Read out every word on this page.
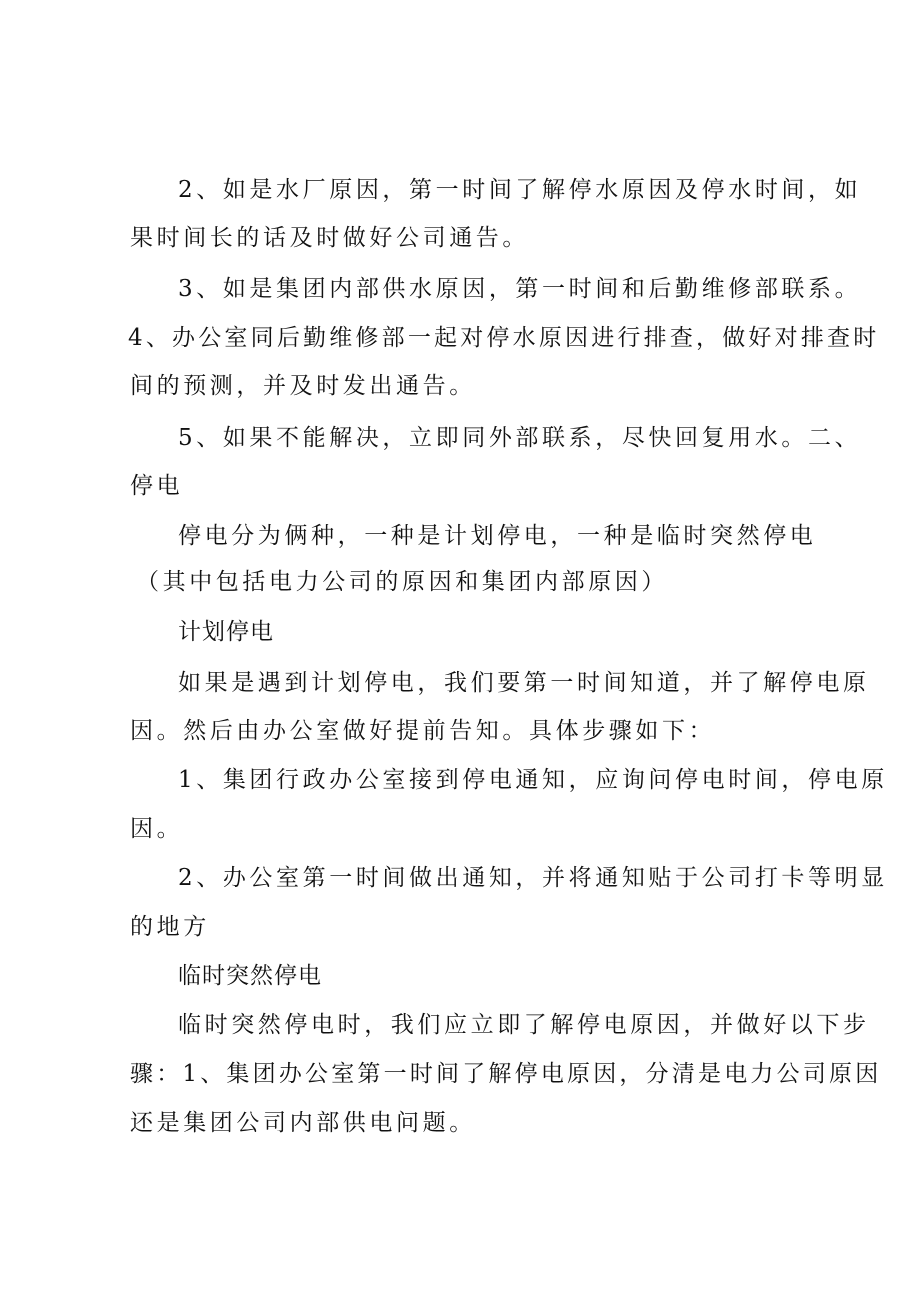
2、如是水厂原因，第一时间了解停水原因及停水时间，如
果时间长的话及时做好公司通告。
3、如是集团内部供水原因，第一时间和后勤维修部联系。
4、办公室同后勤维修部一起对停水原因进行排查，做好对排查时
间的预测，并及时发出通告。
5、如果不能解决，立即同外部联系，尽快回复用水。二、
停电
停电分为俩种，一种是计划停电，一种是临时突然停电
（其中包括电力公司的原因和集团内部原因）
计划停电
如果是遇到计划停电，我们要第一时间知道，并了解停电原
因。然后由办公室做好提前告知。具体步骤如下：
1、集团行政办公室接到停电通知，应询问停电时间，停电原
因。
2、办公室第一时间做出通知，并将通知贴于公司打卡等明显
的地方
临时突然停电
临时突然停电时，我们应立即了解停电原因，并做好以下步
骤：1、集团办公室第一时间了解停电原因，分清是电力公司原因
还是集团公司内部供电问题。
